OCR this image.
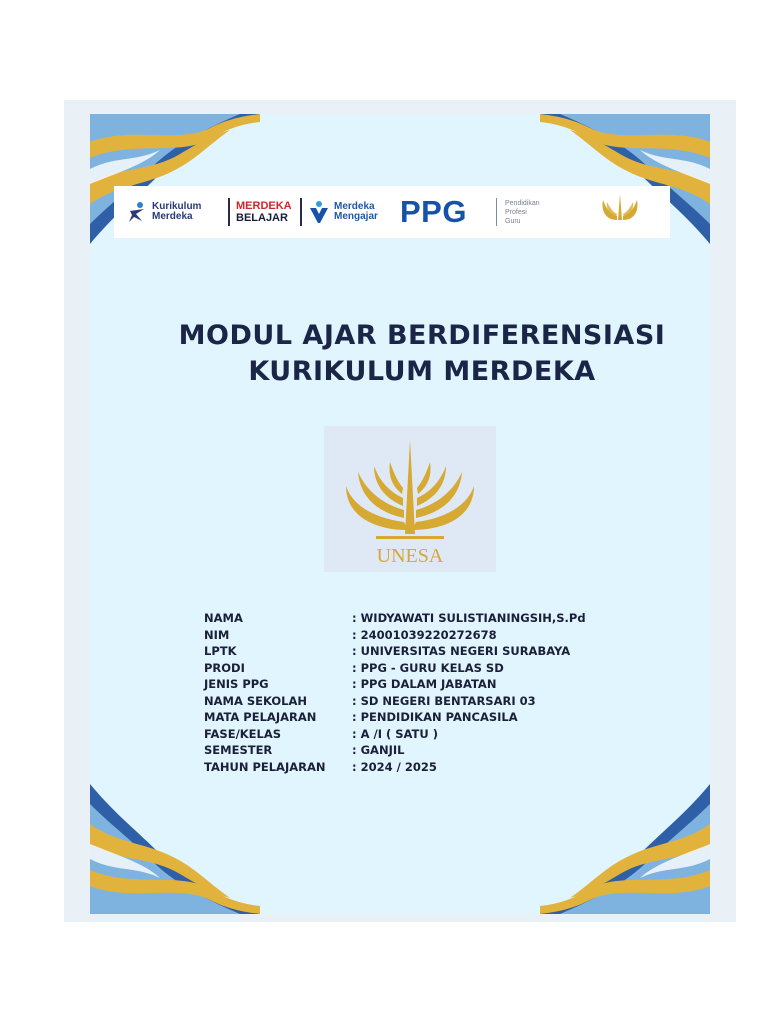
Kurikulum
Merdeka
MERDEKA
BELAJAR
Merdeka
Mengajar PPG	Pendidikan
Profesi
Guru
MODUL AJAR BERDIFERENSIASI
KURIKULUM MERDEKA
UNESA
NAMA	: WIDYAWATI SULISTIANINGSIH,S.Pd
NIM	: 24001039220272678
LPTK	: UNIVERSITAS NEGERI SURABAYA
PRODI	: PPG - GURU KELAS SD
JENIS PPG	: PPG DALAM JABATAN
NAMA SEKOLAH	: SD NEGERI BENTARSARI 03
MATA PELAJARAN	: PENDIDIKAN PANCASILA
FASE/KELAS	: A /I ( SATU )
SEMESTER	: GANJIL
TAHUN PELAJARAN	: 2024 / 2025
